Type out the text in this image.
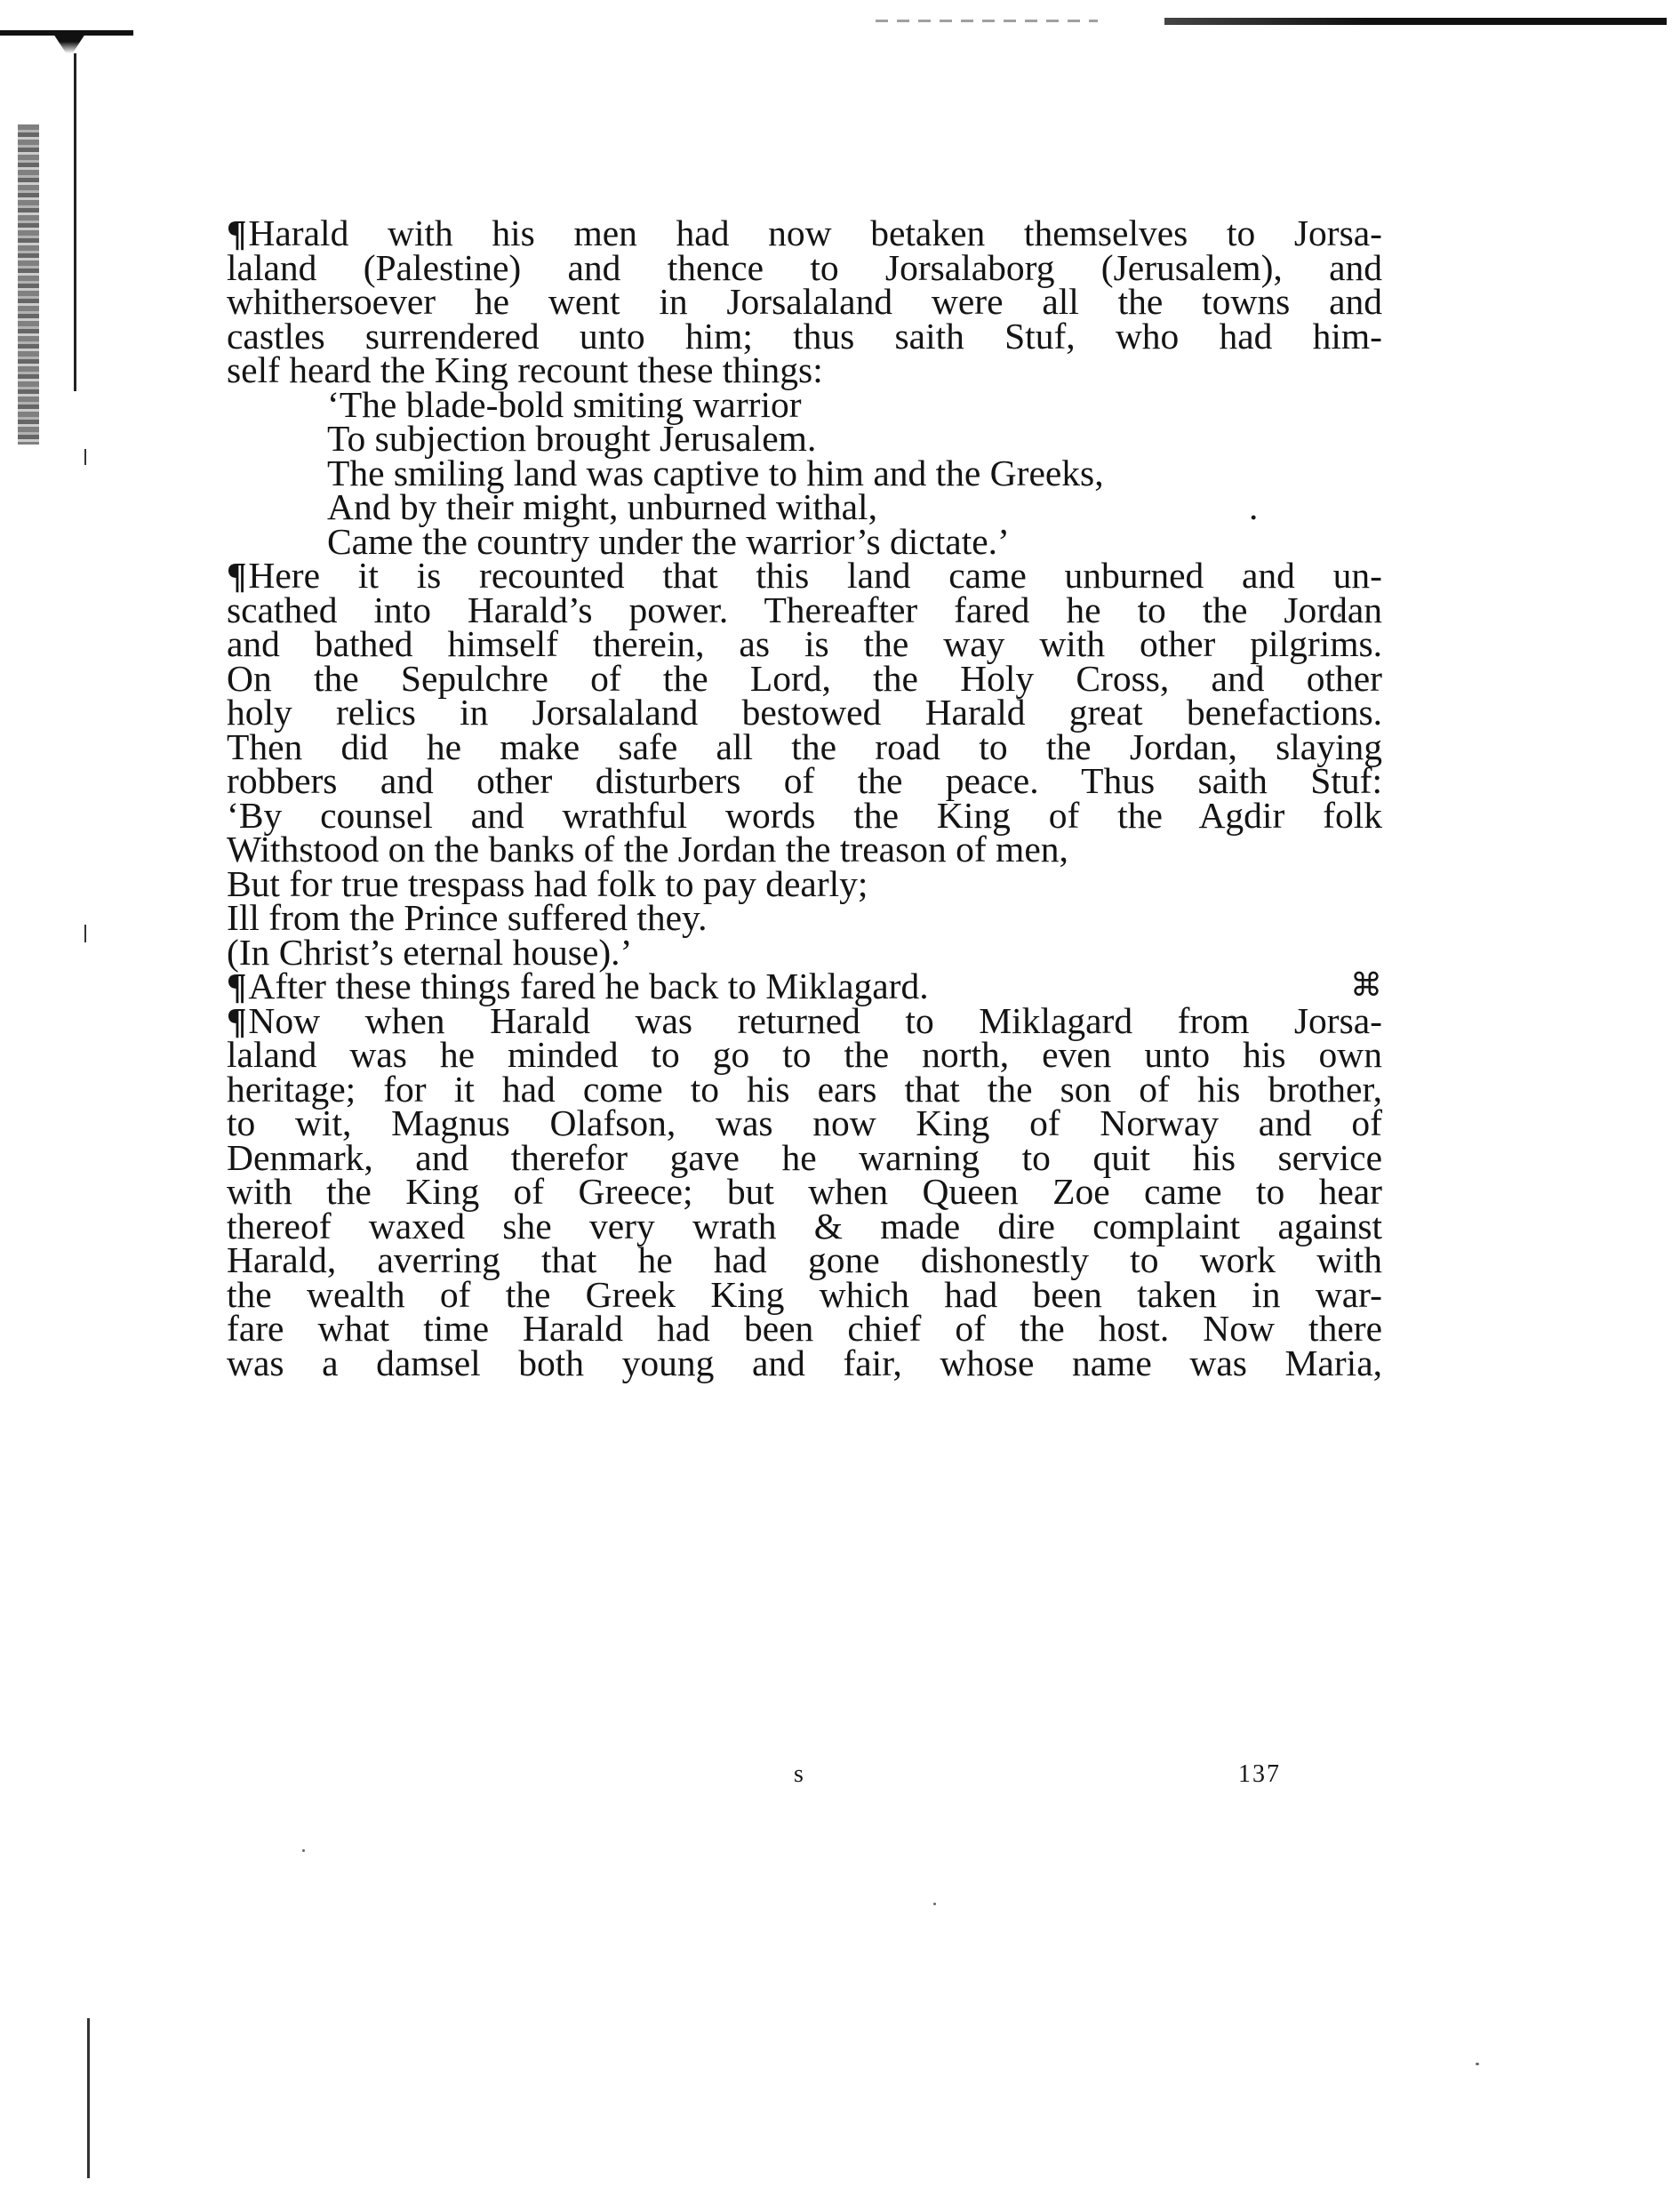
¶Harald with his men had now betaken themselves to Jorsa-
laland (Palestine) and thence to Jorsalaborg (Jerusalem), and
whithersoever he went in Jorsalaland were all the towns and
castles surrendered unto him; thus saith Stuf, who had him-
self heard the King recount these things:
‘The blade-bold smiting warrior
To subjection brought Jerusalem.
The smiling land was captive to him and the Greeks,
And by their might, unburned withal,	.
Came the country under the warrior’s dictate.’
¶Here it is recounted that this land came unburned and un-
scathed into Harald’s power. Thereafter fared he to the Jordan
and bathed himself therein, as is the way with other pilgrims.
On the Sepulchre of the Lord, the Holy Cross, and other
holy relics in Jorsalaland bestowed Harald great benefactions.
Then did he make safe all the road to the Jordan, slaying
robbers and other disturbers of the peace. Thus saith Stuf:
‘By counsel and wrathful words the King of the Agdir folk
Withstood on the banks of the Jordan the treason of men,
But for true trespass had folk to pay dearly;
Ill from the Prince suffered they.
(In Christ’s eternal house).’
¶After these things fared he back to Miklagard.	⌘
¶Now when Harald was returned to Miklagard from Jorsa-
laland was he minded to go to the north, even unto his own
heritage; for it had come to his ears that the son of his brother,
to wit, Magnus Olafson, was now King of Norway and of
Denmark, and therefor gave he warning to quit his service
with the King of Greece; but when Queen Zoe came to hear
thereof waxed she very wrath & made dire complaint against
Harald, averring that he had gone dishonestly to work with
the wealth of the Greek King which had been taken in war-
fare what time Harald had been chief of the host. Now there
was a damsel both young and fair, whose name was Maria,
s	137
